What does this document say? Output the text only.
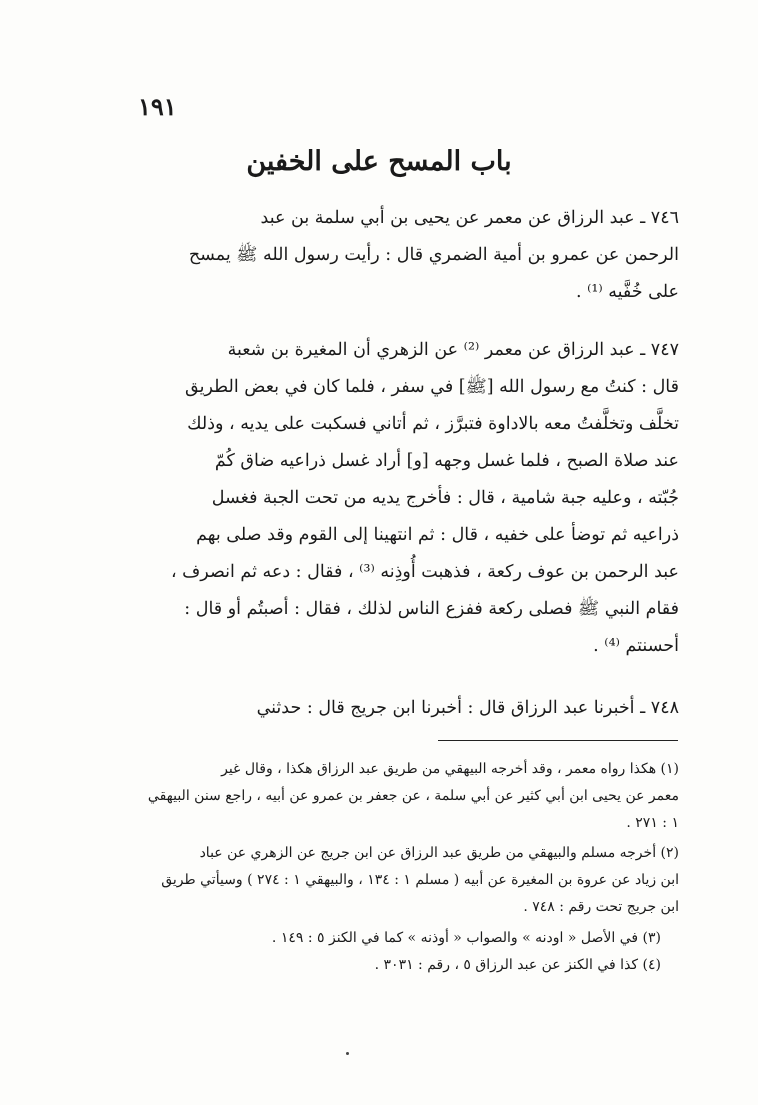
١٩١
باب المسح على الخفين
٧٤٦ ـ عبد الرزاق عن معمر عن يحيى بن أبي سلمة بن عبد
الرحمن عن عمرو بن أمية الضمري قال : رأيت رسول الله ﷺ يمسح
على خُفَّيه ⁽¹⁾ .
٧٤٧ ـ عبد الرزاق عن معمر ⁽²⁾ عن الزهري أن المغيرة بن شعبة
قال : كنتُ مع رسول الله [ﷺ] في سفر ، فلما كان في بعض الطريق
تخلَّف وتخلَّفتُ معه بالاداوة فتبرَّز ، ثم أتاني فسكبت على يديه ، وذلك
عند صلاة الصبح ، فلما غسل وجهه [و] أراد غسل ذراعيه ضاق كُمّ
جُبّته ، وعليه جبة شامية ، قال : فأخرج يديه من تحت الجبة فغسل
ذراعيه ثم توضأ على خفيه ، قال : ثم انتهينا إلى القوم وقد صلى بهم
عبد الرحمن بن عوف ركعة ، فذهبت أُوذِنه ⁽³⁾ ، فقال : دعه ثم انصرف ،
فقام النبي ﷺ فصلى ركعة ففزع الناس لذلك ، فقال : أصبتُم أو قال :
أحسنتم ⁽⁴⁾ .
٧٤٨ ـ أخبرنا عبد الرزاق قال : أخبرنا ابن جريج قال : حدثني
(١) هكذا رواه معمر ، وقد أخرجه البيهقي من طريق عبد الرزاق هكذا ، وقال غير
معمر عن يحيى ابن أبي كثير عن أبي سلمة ، عن جعفر بن عمرو عن أبيه ، راجع سنن البيهقي
١ : ٢٧١ .
(٢) أخرجه مسلم والبيهقي من طريق عبد الرزاق عن ابن جريج عن الزهري عن عباد
ابن زياد عن عروة بن المغيرة عن أبيه ( مسلم ١ : ١٣٤ ، والبيهقي ١ : ٢٧٤ ) وسيأتي طريق
ابن جريج تحت رقم : ٧٤٨ .
(٣) في الأصل « اودنه » والصواب « أوذنه » كما في الكنز ٥ : ١٤٩ .
(٤) كذا في الكنز عن عبد الرزاق ٥ ، رقم : ٣٠٣١ .
